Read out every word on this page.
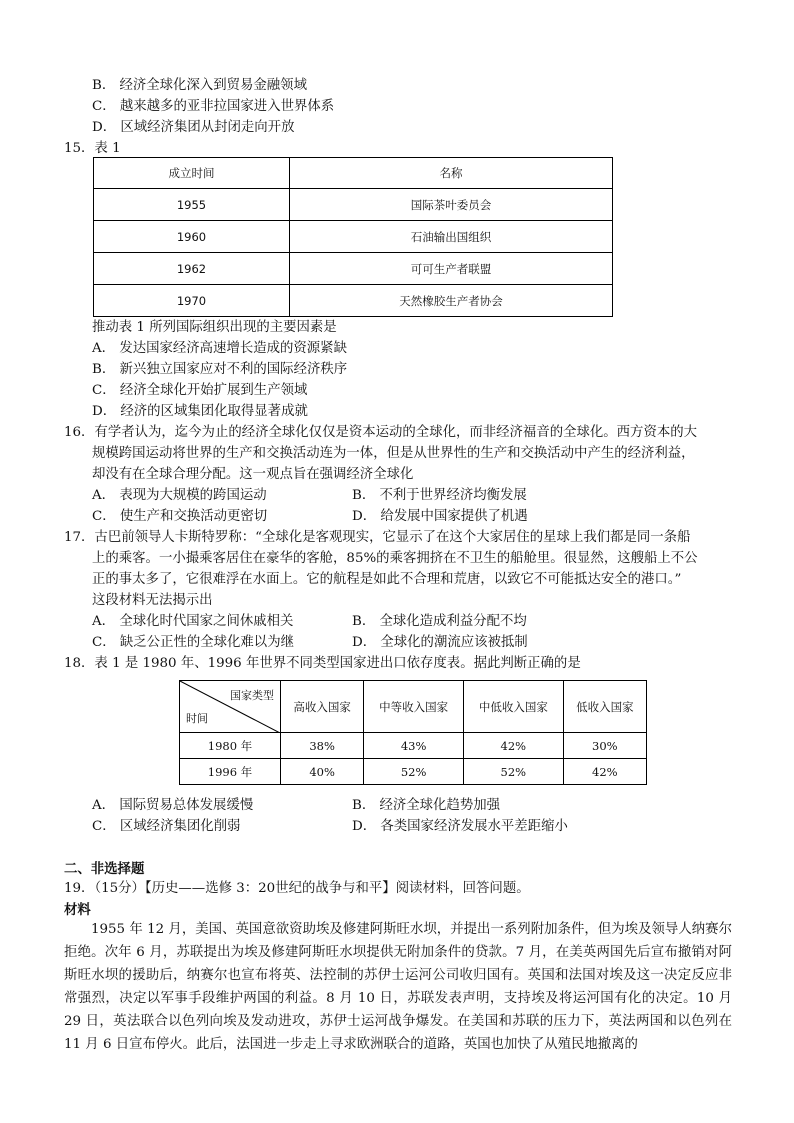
B． 经济全球化深入到贸易金融领域
C． 越来越多的亚非拉国家进入世界体系
D． 区域经济集团从封闭走向开放
15．表 1
成立时间	名称
1955	国际茶叶委员会
1960	石油输出国组织
1962	可可生产者联盟
1970	天然橡胶生产者协会
推动表 1 所列国际组织出现的主要因素是
A． 发达国家经济高速增长造成的资源紧缺
B． 新兴独立国家应对不利的国际经济秩序
C． 经济全球化开始扩展到生产领域
D． 经济的区域集团化取得显著成就
16．有学者认为，迄今为止的经济全球化仅仅是资本运动的全球化，而非经济福音的全球化。西方资本的大
规模跨国运动将世界的生产和交换活动连为一体，但是从世界性的生产和交换活动中产生的经济利益，
却没有在全球合理分配。这一观点旨在强调经济全球化
A． 表现为大规模的跨国运动	B． 不利于世界经济均衡发展
C． 使生产和交换活动更密切	D． 给发展中国家提供了机遇
17．古巴前领导人卡斯特罗称：“全球化是客观现实，它显示了在这个大家居住的星球上我们都是同一条船
上的乘客。一小撮乘客居住在豪华的客舱，85%的乘客拥挤在不卫生的船舱里。很显然，这艘船上不公
正的事太多了，它很难浮在水面上。它的航程是如此不合理和荒唐，以致它不可能抵达安全的港口。”
这段材料无法揭示出
A． 全球化时代国家之间休戚相关	B． 全球化造成利益分配不均
C． 缺乏公正性的全球化难以为继	D． 全球化的潮流应该被抵制
18．表 1 是 1980 年、1996 年世界不同类型国家进出口依存度表。据此判断正确的是
国家类型
时间	高收入国家	中等收入国家	中低收入国家	低收入国家
1980 年	38%	43%	42%	30%
1996 年	40%	52%	52%	42%
A． 国际贸易总体发展缓慢	B． 经济全球化趋势加强
C． 区域经济集团化削弱	D． 各类国家经济发展水平差距缩小
二、非选择题
19．（15分）【历史——选修 3：20世纪的战争与和平】阅读材料，回答问题。
材料
1955 年 12 月，美国、英国意欲资助埃及修建阿斯旺水坝，并提出一系列附加条件，但为埃及领导人纳赛尔拒绝。次年 6 月，苏联提出为埃及修建阿斯旺水坝提供无附加条件的贷款。7 月，在美英两国先后宣布撤销对阿斯旺水坝的援助后，纳赛尔也宣布将英、法控制的苏伊士运河公司收归国有。英国和法国对埃及这一决定反应非常强烈，决定以军事手段维护两国的利益。8 月 10 日，苏联发表声明，支持埃及将运河国有化的决定。10 月 29 日，英法联合以色列向埃及发动进攻，苏伊士运河战争爆发。在美国和苏联的压力下，英法两国和以色列在 11 月 6 日宣布停火。此后，法国进一步走上寻求欧洲联合的道路，英国也加快了从殖民地撤离的
